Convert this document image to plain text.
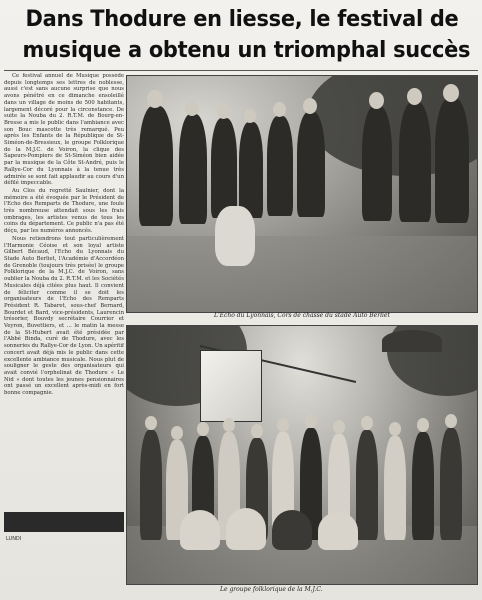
Dans Thodure en liesse, le festival de
musique a obtenu un triomphal succès

Ce festival annuel de Musique possède depuis longtemps ses lettres de noblesse, aussi c'est sans aucune surprise que nous avons pénétré en ce dimanche ensoleillé dans un village de moins de 500 habitants, largement décoré pour la circonstance. De suite la Nouba du 2. R.T.M. de Bourg-en-Bresse a mis le public dans l'ambiance avec son Bouc mascotte très remarqué. Peu après les Enfants de la République de St-Siméon-de-Bressieux, le groupe Folklorique de la M.J.C. de Voiron, la clique des Sapeurs-Pompiers de St-Siméon bien aidée par la musique de la Côte St-André, puis le Rallye-Cor du Lyonnais à la tenue très admirée se sont fait applaudir au cours d'un défilé impeccable.

Au Clos du regretté Saulnier, dont la mémoire a été évoquée par le Président de l'Echo des Remparts de Thodure, une foule très nombreuse attendait sous les frais ombrages, les artistes venus de tous les coins du département. Ce public n'a pas été déçu, par les numéros annoncés.

Nous retiendrons tout particulièrement l'Harmonie Céoise et son loyal artiste Gilbert Bécaud, l'Echo du Lyonnais du Stade Auto Berliet, l'Académie d'Accordéon de Grenoble (toujours très prisée) le groupe Folklorique de la M.J.C. de Voiron, sans oublier la Nouba du 2. R.T.M. et les Sociétés Musicales déjà citées plus haut. Il convient de féliciter comme il se doit les organisateurs de l'Echo des Remparts Président R. Tabaret, sous-chef Bernard, Bourdet et Bard, vice-présidents, Laurencin trésorier, Bouvdy secrétaire Courrier et Veyron, Buvettiers, et ... le matin la messe de la St-Hubert avait été présidée par l'Abbé Binda, curé de Thodure, avec les sonneries du Rallye-Cor de Lyon. Un apéritif concert avait déjà mis le public dans cette excellente ambiance musicale. Nous plut de souligner le geste des organisateurs qui avait convié l'orphelinat de Thodure « Le Nid » dont toutes les jeunes pensionnaires ont passé un excellent après-midi en fort bonne compagnie.

L'Echo du Lyonnais, Cors de chasse du stade Auto Berliet
Le groupe folklorique de la M.J.C.
LUNDI
